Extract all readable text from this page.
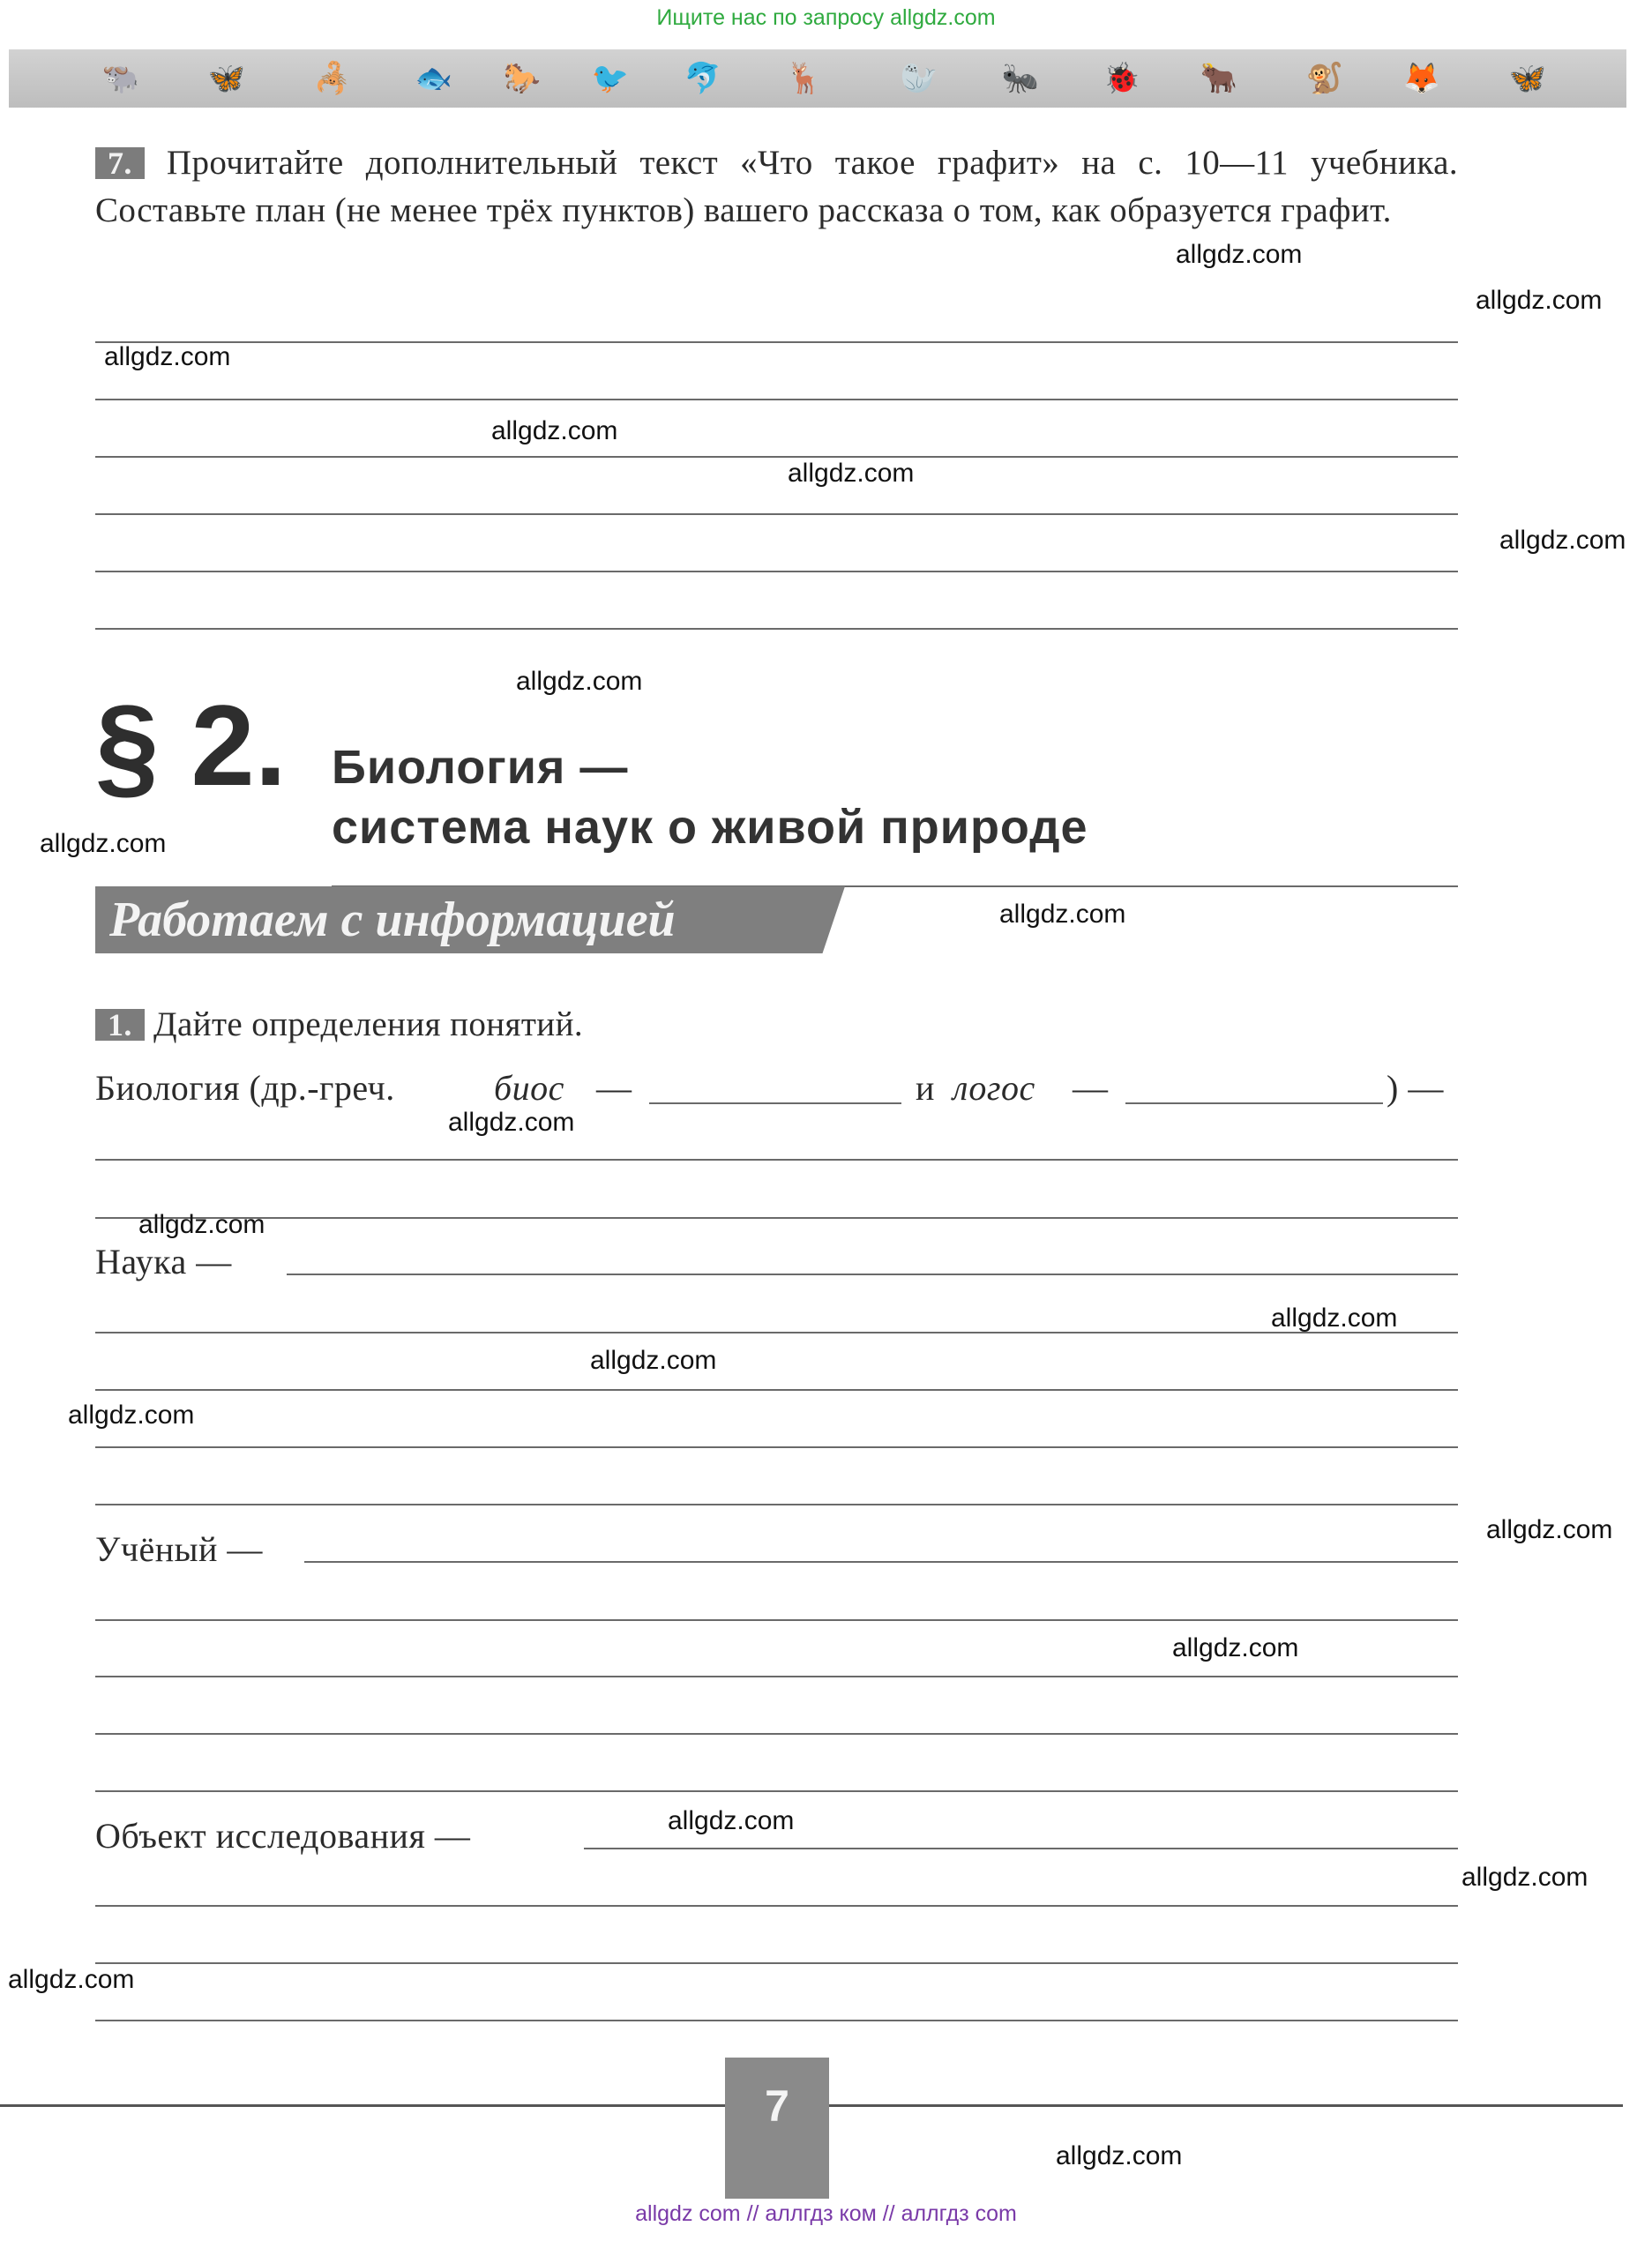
Ищите нас по запросу allgdz.com
🐃 🦋 🦂 🐟 🐎 🐦 🐬 🦌	🦭 🐜 🐞 🐂 🐒 🦊 🦋
7. Прочитайте дополнительный текст «Что такое графит» на с. 10—11 учебника. Составьте план (не менее трёх пунктов) вашего рассказа о том, как образуется графит.
§ 2. Биология —
система наук о живой природе
Работаем с информацией
1. Дайте определения понятий.
Биология (др.-греч.	биос —	и логос —	) —
Наука —
Учёный —
Объект исследования —
7
allgdz.com
allgdz.com
allgdz.com
allgdz.com
allgdz.com
allgdz.com
allgdz.com
allgdz.com
allgdz.com
allgdz.com
allgdz.com
allgdz.com
allgdz.com
allgdz.com
allgdz.com
allgdz.com
allgdz.com
allgdz.com
allgdz.com
allgdz.com
allgdz com // аллгдз ком // аллгдз com
